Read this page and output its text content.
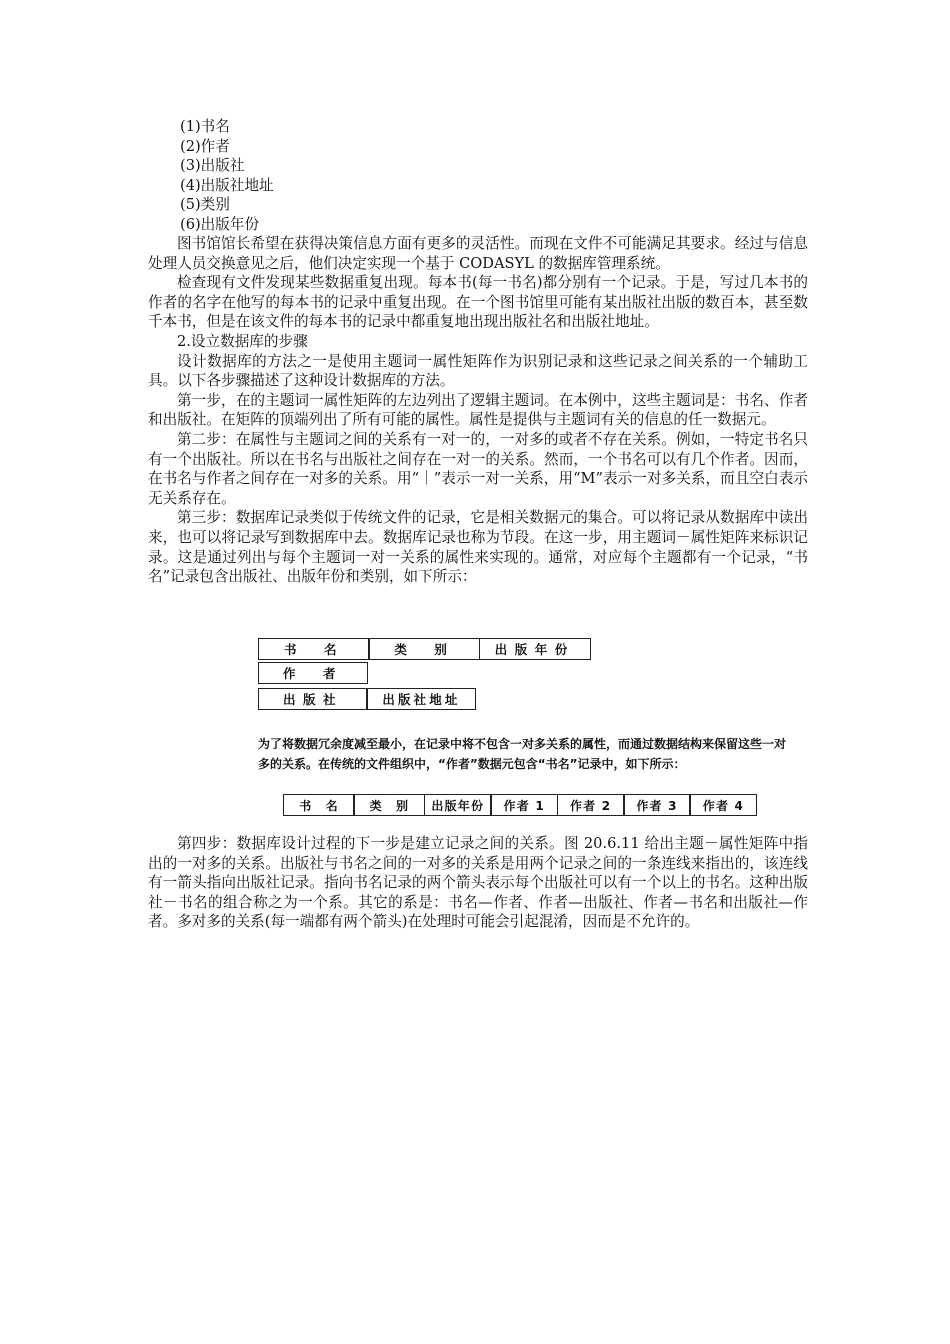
(1)书名
(2)作者
(3)出版社
(4)出版社地址
(5)类别
(6)出版年份

图书馆馆长希望在获得决策信息方面有更多的灵活性。而现在文件不可能满足其要求。经过与信息处理人员交换意见之后，他们决定实现一个基于 CODASYL 的数据库管理系统。

检查现有文件发现某些数据重复出现。每本书(每一书名)都分别有一个记录。于是，写过几本书的作者的名字在他写的每本书的记录中重复出现。在一个图书馆里可能有某出版社出版的数百本，甚至数千本书，但是在该文件的每本书的记录中都重复地出现出版社名和出版社地址。

2.设立数据库的步骤

设计数据库的方法之一是使用主题词一属性矩阵作为识别记录和这些记录之间关系的一个辅助工具。以下各步骤描述了这种设计数据库的方法。

第一步，在的主题词一属性矩阵的左边列出了逻辑主题词。在本例中，这些主题词是：书名、作者和出版社。在矩阵的顶端列出了所有可能的属性。属性是提供与主题词有关的信息的任一数据元。

第二步：在属性与主题词之间的关系有一对一的，一对多的或者不存在关系。例如，一特定书名只有一个出版社。所以在书名与出版社之间存在一对一的关系。然而，一个书名可以有几个作者。因而，在书名与作者之间存在一对多的关系。用“｜”表示一对一关系，用“M”表示一对多关系，而且空白表示无关系存在。

第三步：数据库记录类似于传统文件的记录，它是相关数据元的集合。可以将记录从数据库中读出来，也可以将记录写到数据库中去。数据库记录也称为节段。在这一步，用主题词－属性矩阵来标识记录。这是通过列出与每个主题词一对一关系的属性来实现的。通常，对应每个主题都有一个记录，“书名”记录包含出版社、出版年份和类别，如下所示：

书　名	类　别	出版年份
作　者
出版社	出版社地址
为了将数据冗余度减至最小，在记录中将不包含一对多关系的属性，而通过数据结构来保留这些一对多的关系。在传统的文件组织中，“作者”数据元包含“书名”记录中，如下所示：
书　名	类　别	出版年份	作者 1	作者 2	作者 3	作者 4

第四步：数据库设计过程的下一步是建立记录之间的关系。图 20.6.11 给出主题－属性矩阵中指出的一对多的关系。出版社与书名之间的一对多的关系是用两个记录之间的一条连线来指出的，该连线有一箭头指向出版社记录。指向书名记录的两个箭头表示每个出版社可以有一个以上的书名。这种出版社－书名的组合称之为一个系。其它的系是：书名—作者、作者—出版社、作者—书名和出版社—作者。多对多的关系(每一端都有两个箭头)在处理时可能会引起混淆，因而是不允许的。
